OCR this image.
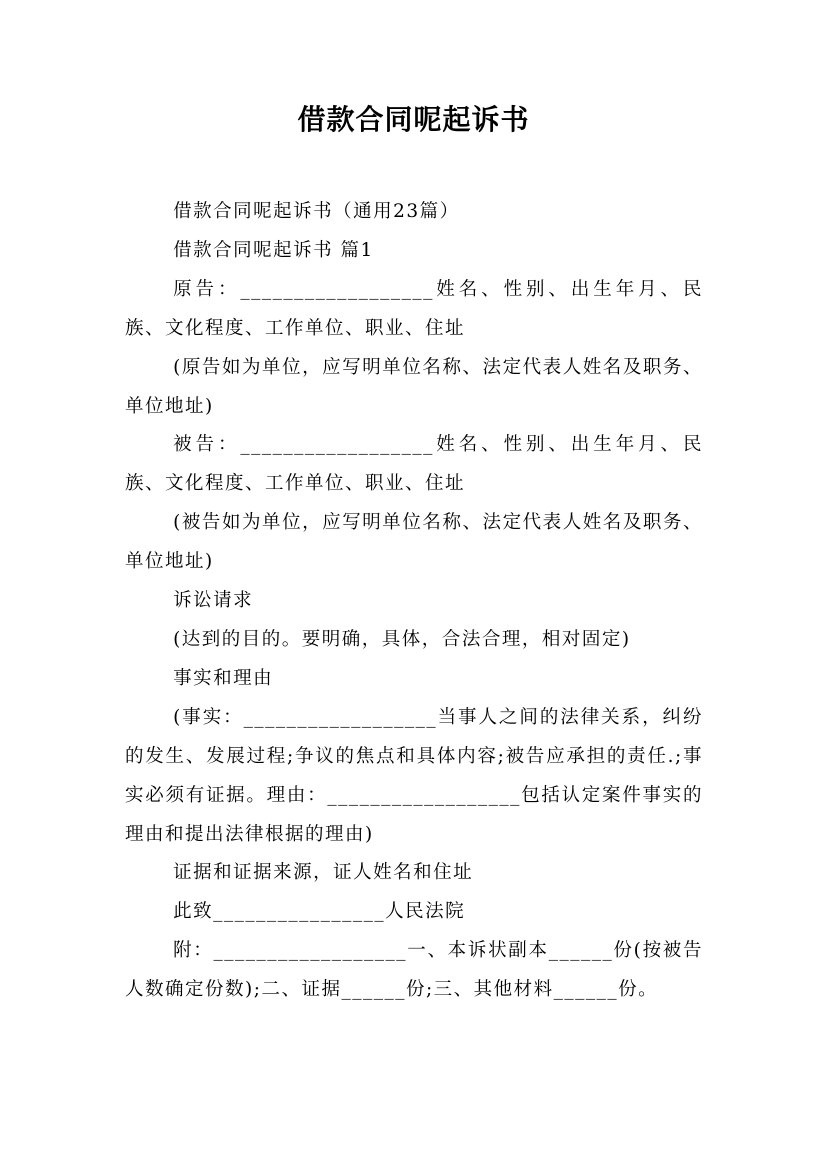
借款合同呢起诉书

借款合同呢起诉书（通用23篇）

借款合同呢起诉书 篇1

原告：__________________姓名、性别、出生年月、民族、文化程度、工作单位、职业、住址

(原告如为单位，应写明单位名称、法定代表人姓名及职务、单位地址)

被告：__________________姓名、性别、出生年月、民族、文化程度、工作单位、职业、住址

(被告如为单位，应写明单位名称、法定代表人姓名及职务、单位地址)

诉讼请求

(达到的目的。要明确，具体，合法合理，相对固定)

事实和理由

(事实：__________________当事人之间的法律关系，纠纷的发生、发展过程;争议的焦点和具体内容;被告应承担的责任.;事实必须有证据。理由：__________________包括认定案件事实的理由和提出法律根据的理由)

证据和证据来源，证人姓名和住址

此致________________人民法院

附：__________________一、本诉状副本______份(按被告人数确定份数);二、证据______份;三、其他材料______份。
